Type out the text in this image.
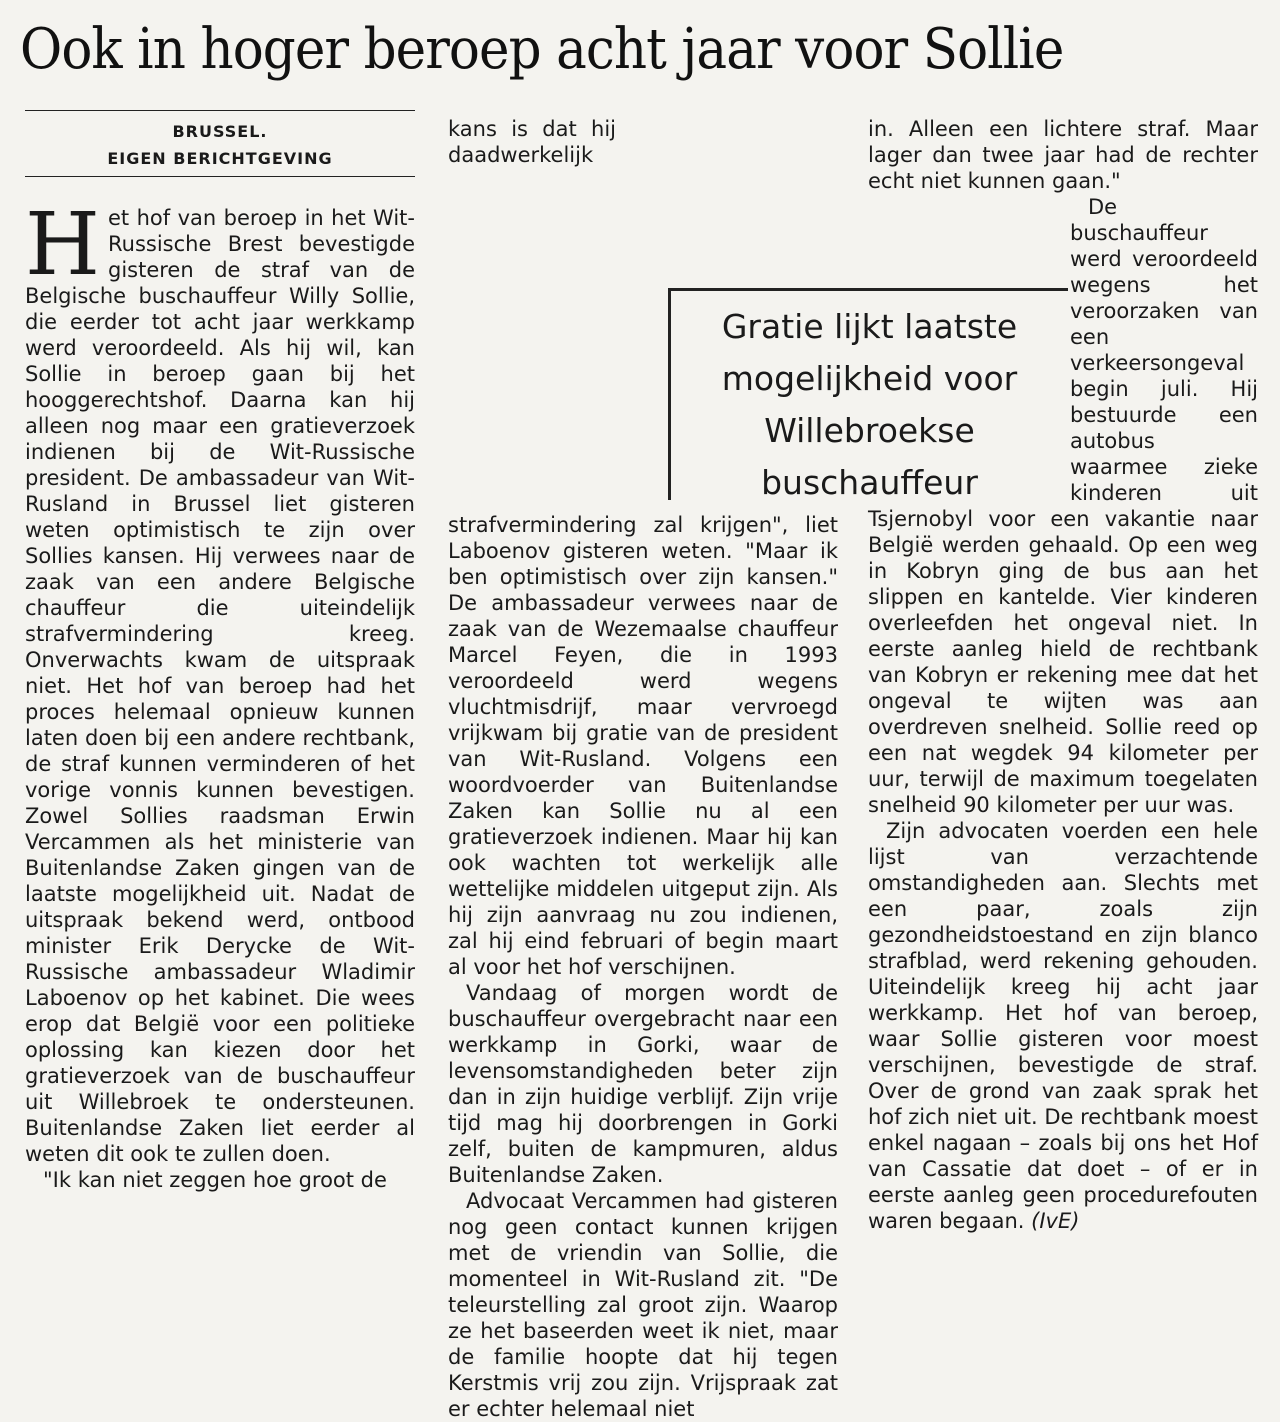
Ook in hoger beroep acht jaar voor Sollie
BRUSSEL.
EIGEN BERICHTGEVING

Het hof van beroep in het Wit-Russische Brest bevestigde gisteren de straf van de Belgische buschauffeur Willy Sollie, die eerder tot acht jaar werkkamp werd veroordeeld. Als hij wil, kan Sollie in beroep gaan bij het hooggerechtshof. Daarna kan hij alleen nog maar een gratieverzoek indienen bij de Wit-Russische president. De ambassadeur van Wit-Rusland in Brussel liet gisteren weten optimistisch te zijn over Sollies kansen. Hij verwees naar de zaak van een andere Belgische chauffeur die uiteindelijk strafvermindering kreeg. Onverwachts kwam de uitspraak niet. Het hof van beroep had het proces helemaal opnieuw kunnen laten doen bij een andere rechtbank, de straf kunnen verminderen of het vorige vonnis kunnen bevestigen. Zowel Sollies raadsman Erwin Vercammen als het ministerie van Buitenlandse Zaken gingen van de laatste mogelijkheid uit. Nadat de uitspraak bekend werd, ontbood minister Erik Derycke de Wit-Russische ambassadeur Wladimir Laboenov op het kabinet. Die wees erop dat België voor een politieke oplossing kan kiezen door het gratieverzoek van de buschauffeur uit Willebroek te ondersteunen. Buitenlandse Zaken liet eerder al weten dit ook te zullen doen.

"Ik kan niet zeggen hoe groot de

kans is dat hij daadwerkelijk strafvermindering zal krijgen", liet Laboenov gisteren weten. "Maar ik ben optimistisch over zijn kansen." De ambassadeur verwees naar de zaak van de Wezemaalse chauffeur Marcel Feyen, die in 1993 veroordeeld werd wegens vluchtmisdrijf, maar vervroegd vrijkwam bij gratie van de president van Wit-Rusland. Volgens een woordvoerder van Buitenlandse Zaken kan Sollie nu al een gratieverzoek indienen. Maar hij kan ook wachten tot werkelijk alle wettelijke middelen uitgeput zijn. Als hij zijn aanvraag nu zou indienen, zal hij eind februari of begin maart al voor het hof verschijnen.

Vandaag of morgen wordt de buschauffeur overgebracht naar een werkkamp in Gorki, waar de levensomstandigheden beter zijn dan in zijn huidige verblijf. Zijn vrije tijd mag hij doorbrengen in Gorki zelf, buiten de kampmuren, aldus Buitenlandse Zaken.

Advocaat Vercammen had gisteren nog geen contact kunnen krijgen met de vriendin van Sollie, die momenteel in Wit-Rusland zit. "De teleurstelling zal groot zijn. Waarop ze het baseerden weet ik niet, maar de familie hoopte dat hij tegen Kerstmis vrij zou zijn. Vrijspraak zat er echter helemaal niet

in. Alleen een lichtere straf. Maar lager dan twee jaar had de rechter echt niet kunnen gaan."

De buschauffeur werd veroordeeld wegens het veroorzaken van een verkeersongeval begin juli. Hij bestuurde een autobus waarmee zieke kinderen uit Tsjernobyl voor een vakantie naar België werden gehaald. Op een weg in Kobryn ging de bus aan het slippen en kantelde. Vier kinderen overleefden het ongeval niet. In eerste aanleg hield de rechtbank van Kobryn er rekening mee dat het ongeval te wijten was aan overdreven snelheid. Sollie reed op een nat wegdek 94 kilometer per uur, terwijl de maximum toegelaten snelheid 90 kilometer per uur was.

Zijn advocaten voerden een hele lijst van verzachtende omstandigheden aan. Slechts met een paar, zoals zijn gezondheidstoestand en zijn blanco strafblad, werd rekening gehouden. Uiteindelijk kreeg hij acht jaar werkkamp. Het hof van beroep, waar Sollie gisteren voor moest verschijnen, bevestigde de straf. Over de grond van zaak sprak het hof zich niet uit. De rechtbank moest enkel nagaan – zoals bij ons het Hof van Cassatie dat doet – of er in eerste aanleg geen procedurefouten waren begaan. (IvE)

Gratie lijkt laatste mogelijkheid voor Willebroekse buschauffeur
